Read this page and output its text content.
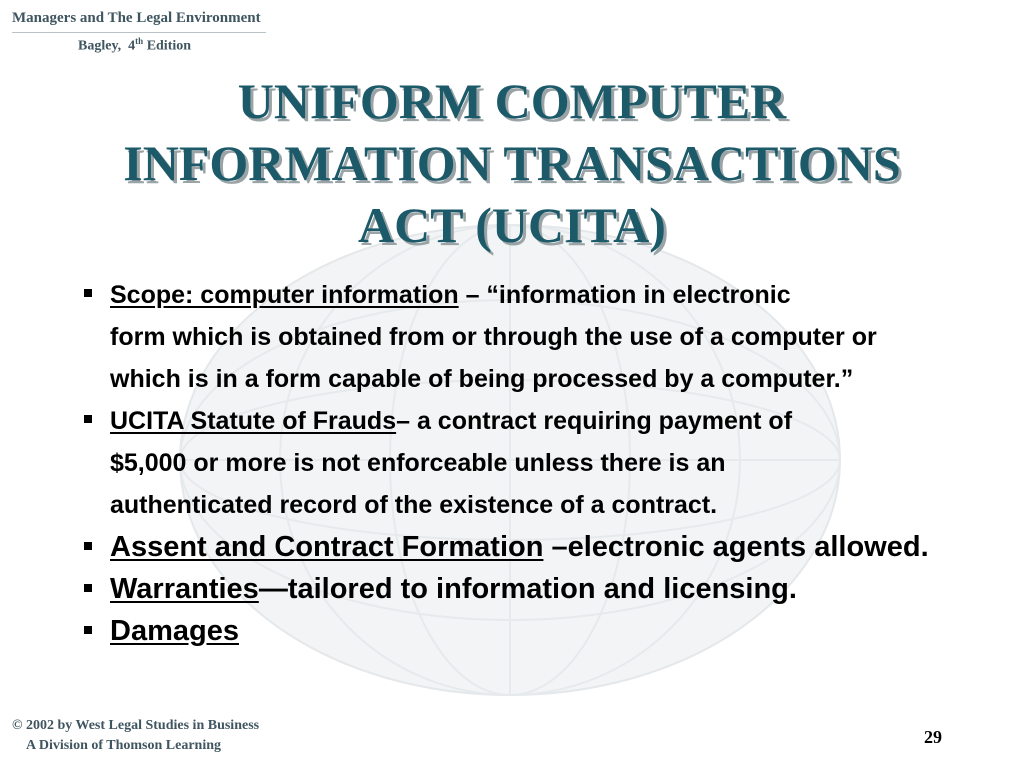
Managers and The Legal Environment
Bagley, 4th Edition
UNIFORM COMPUTER
INFORMATION TRANSACTIONS
ACT (UCITA)
Scope: computer information – “information in electronic
form which is obtained from or through the use of a computer or
which is in a form capable of being processed by a computer.”
UCITA Statute of Frauds– a contract requiring payment of
$5,000 or more is not enforceable unless there is an
authenticated record of the existence of a contract.
Assent and Contract Formation –electronic agents allowed.
Warranties—tailored to information and licensing.
Damages
© 2002 by West Legal Studies in Business
A Division of Thomson Learning	29
